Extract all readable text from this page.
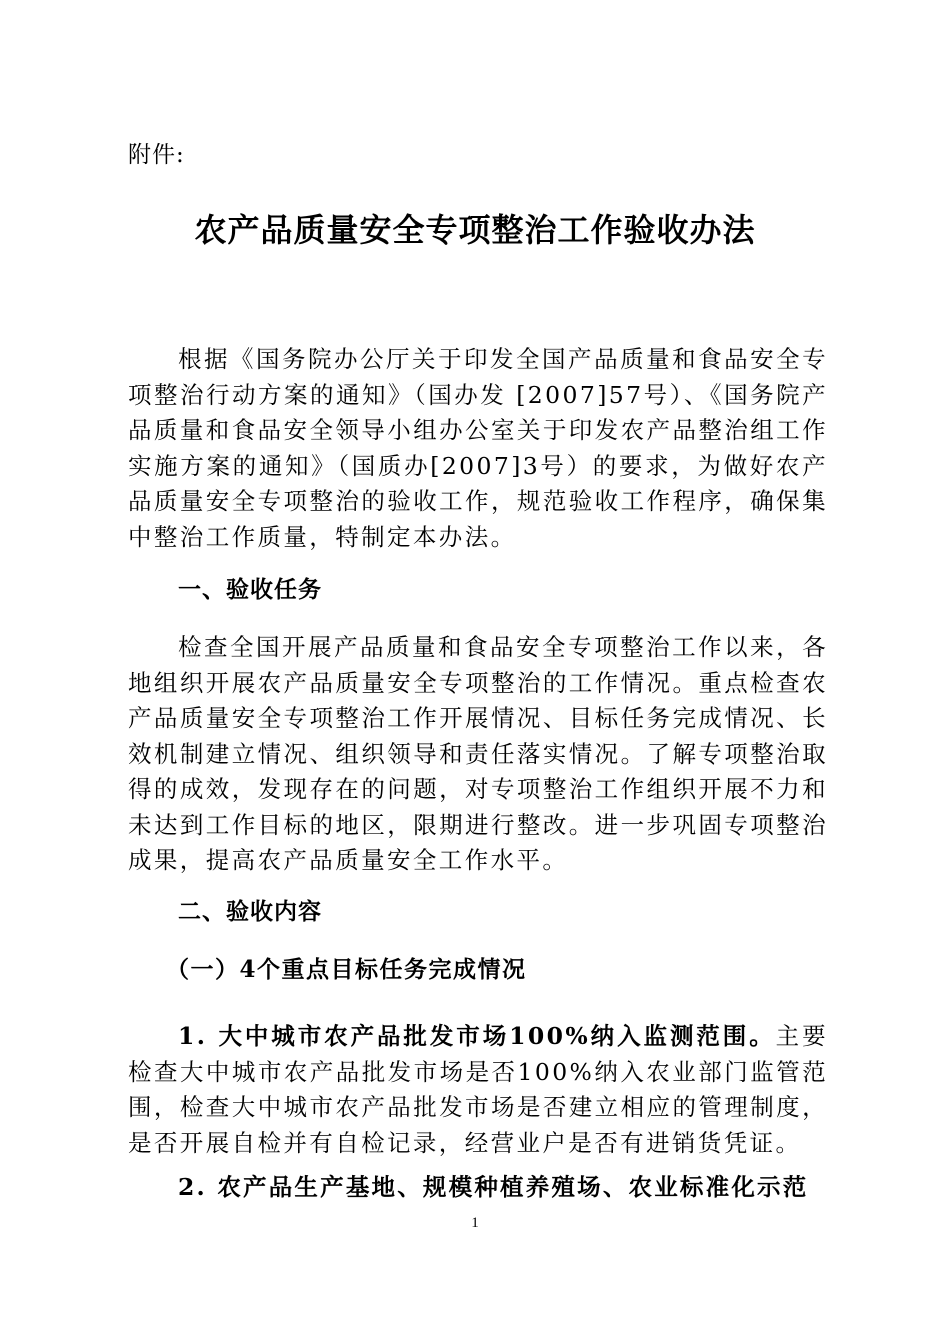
附件:
农产品质量安全专项整治工作验收办法

根据《国务院办公厅关于印发全国产品质量和食品安全专项整治行动方案的通知》（国办发 [2007]57号）、《国务院产品质量和食品安全领导小组办公室关于印发农产品整治组工作实施方案的通知》（国质办[2007]3号）的要求，为做好农产品质量安全专项整治的验收工作，规范验收工作程序，确保集中整治工作质量，特制定本办法。

一、验收任务

检查全国开展产品质量和食品安全专项整治工作以来，各地组织开展农产品质量安全专项整治的工作情况。重点检查农产品质量安全专项整治工作开展情况、目标任务完成情况、长效机制建立情况、组织领导和责任落实情况。了解专项整治取得的成效，发现存在的问题，对专项整治工作组织开展不力和未达到工作目标的地区，限期进行整改。进一步巩固专项整治成果，提高农产品质量安全工作水平。

二、验收内容
（一）4个重点目标任务完成情况

1. 大中城市农产品批发市场100%纳入监测范围。主要检查大中城市农产品批发市场是否100%纳入农业部门监管范围，检查大中城市农产品批发市场是否建立相应的管理制度，是否开展自检并有自检记录，经营业户是否有进销货凭证。

2. 农产品生产基地、规模种植养殖场、农业标准化示范

1
